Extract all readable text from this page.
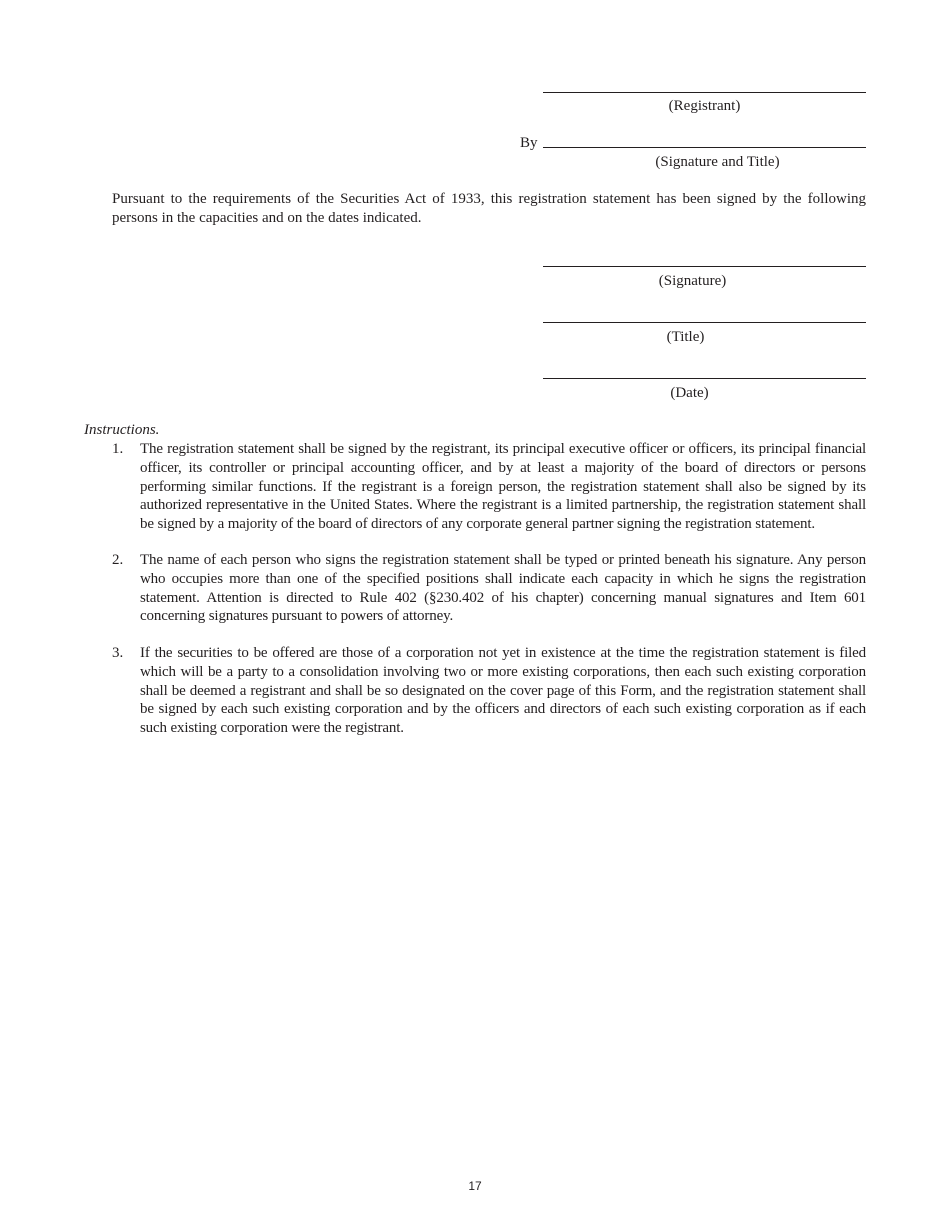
(Registrant)
By
(Signature and Title)

Pursuant to the requirements of the Securities Act of 1933, this registration statement has been signed by the following persons in the capacities and on the dates indicated.

(Signature)
(Title)
(Date)
Instructions.
1. The registration statement shall be signed by the registrant, its principal executive officer or officers, its principal financial officer, its controller or principal accounting officer, and by at least a majority of the board of directors or persons performing similar functions. If the registrant is a foreign person, the registration statement shall also be signed by its authorized representative in the United States. Where the registrant is a limited partnership, the registration statement shall be signed by a majority of the board of directors of any corporate general partner signing the registration statement.

2. The name of each person who signs the registration statement shall be typed or printed beneath his signature. Any person who occupies more than one of the specified positions shall indicate each capacity in which he signs the registration statement. Attention is directed to Rule 402 (§230.402 of his chapter) concerning manual signatures and Item 601 concerning signatures pursuant to powers of attorney.

3. If the securities to be offered are those of a corporation not yet in existence at the time the registration statement is filed which will be a party to a consolidation involving two or more existing corporations, then each such existing corporation shall be deemed a registrant and shall be so designated on the cover page of this Form, and the registration statement shall be signed by each such existing corporation and by the officers and directors of each such existing corporation as if each such existing corporation were the registrant.

17
